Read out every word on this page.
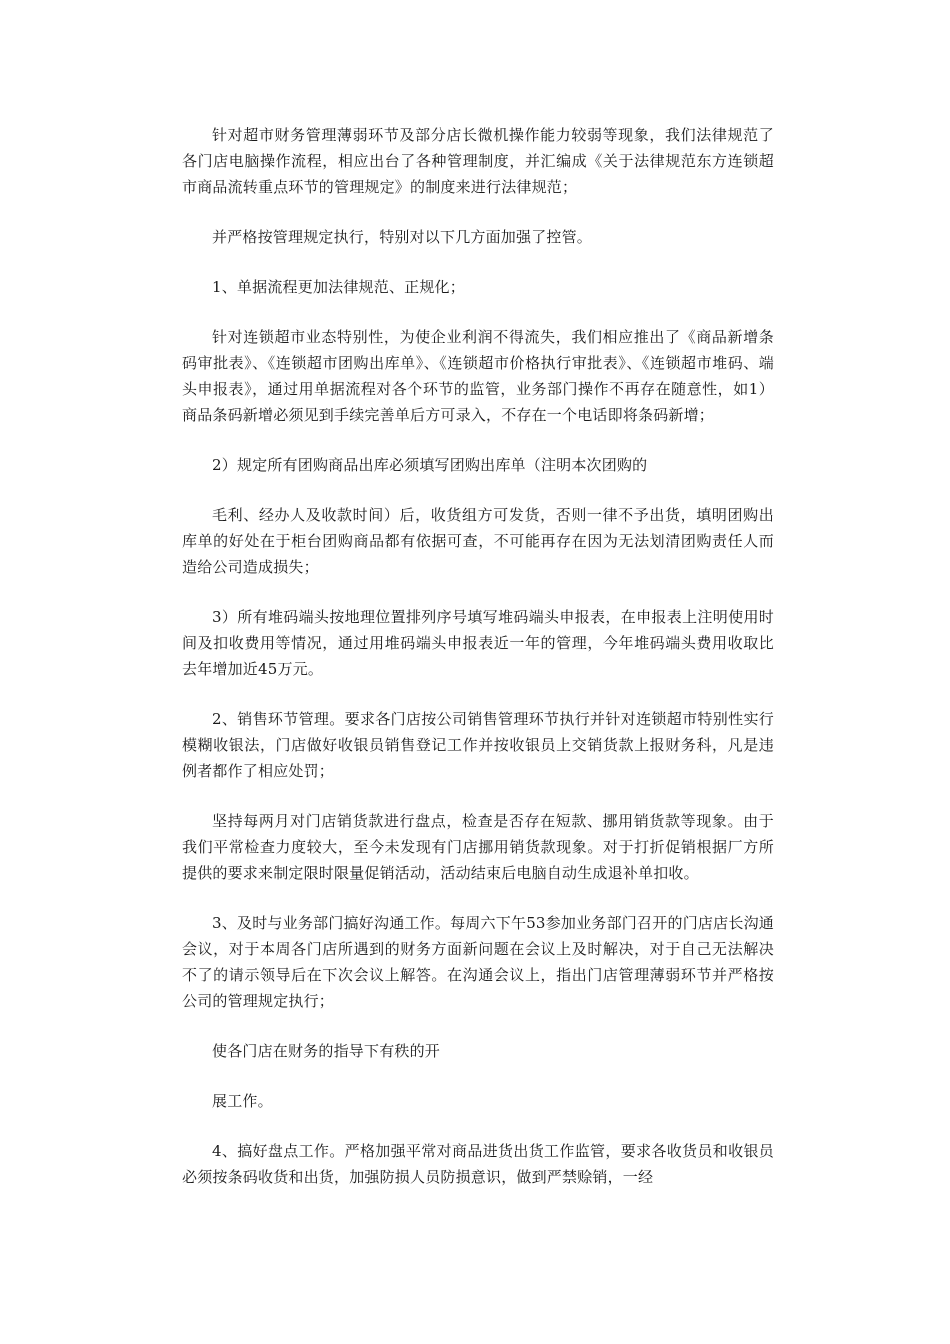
针对超市财务管理薄弱环节及部分店长微机操作能力较弱等现象，我们法律规范了各门店电脑操作流程，相应出台了各种管理制度，并汇编成《关于法律规范东方连锁超市商品流转重点环节的管理规定》的制度来进行法律规范；

并严格按管理规定执行，特别对以下几方面加强了控管。

1、单据流程更加法律规范、正规化；

针对连锁超市业态特别性，为使企业利润不得流失，我们相应推出了《商品新增条码审批表》、《连锁超市团购出库单》、《连锁超市价格执行审批表》、《连锁超市堆码、端头申报表》，通过用单据流程对各个环节的监管，业务部门操作不再存在随意性，如1）商品条码新增必须见到手续完善单后方可录入，不存在一个电话即将条码新增；

2）规定所有团购商品出库必须填写团购出库单（注明本次团购的

毛利、经办人及收款时间）后，收货组方可发货，否则一律不予出货，填明团购出库单的好处在于柜台团购商品都有依据可查，不可能再存在因为无法划清团购责任人而造给公司造成损失；

3）所有堆码端头按地理位置排列序号填写堆码端头申报表，在申报表上注明使用时间及扣收费用等情况，通过用堆码端头申报表近一年的管理，今年堆码端头费用收取比去年增加近45万元。

2、销售环节管理。要求各门店按公司销售管理环节执行并针对连锁超市特别性实行模糊收银法，门店做好收银员销售登记工作并按收银员上交销货款上报财务科，凡是违例者都作了相应处罚；

坚持每两月对门店销货款进行盘点，检查是否存在短款、挪用销货款等现象。由于我们平常检查力度较大，至今未发现有门店挪用销货款现象。对于打折促销根据厂方所提供的要求来制定限时限量促销活动，活动结束后电脑自动生成退补单扣收。

3、及时与业务部门搞好沟通工作。每周六下午53参加业务部门召开的门店店长沟通会议，对于本周各门店所遇到的财务方面新问题在会议上及时解决，对于自己无法解决不了的请示领导后在下次会议上解答。在沟通会议上，指出门店管理薄弱环节并严格按公司的管理规定执行；

使各门店在财务的指导下有秩的开

展工作。

4、搞好盘点工作。严格加强平常对商品进货出货工作监管，要求各收货员和收银员必须按条码收货和出货，加强防损人员防损意识，做到严禁赊销，一经
